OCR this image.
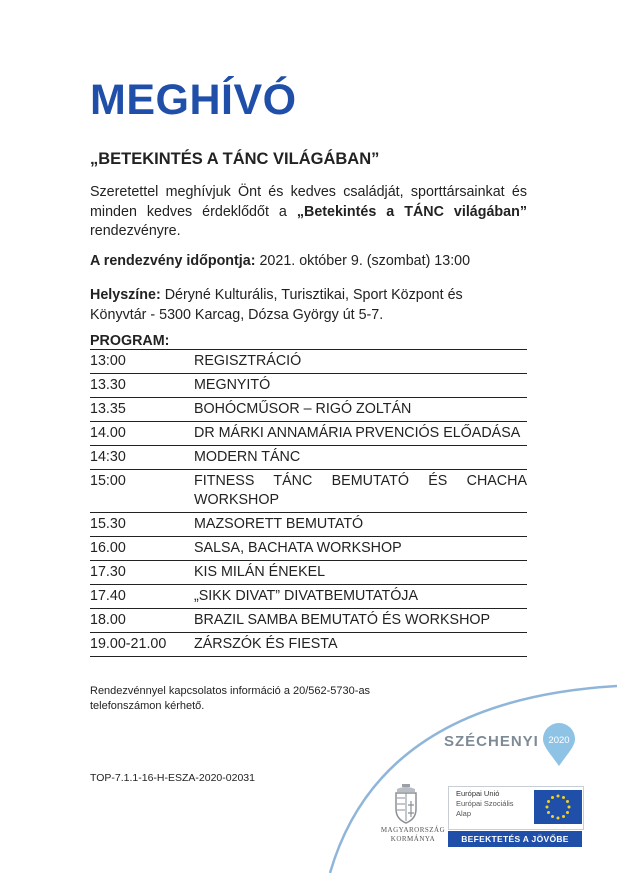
MEGHÍVÓ
„BETEKINTÉS A TÁNC VILÁGÁBAN”

Szeretettel meghívjuk Önt és kedves családját, sporttársainkat és minden kedves érdeklődőt a „Betekintés a TÁNC világában” rendezvényre.

A rendezvény időpontja: 2021. október 9. (szombat) 13:00

Helyszíne: Déryné Kulturális, Turisztikai, Sport Központ és Könyvtár - 5300 Karcag, Dózsa György út 5-7.

PROGRAM:

13:00	REGISZTRÁCIÓ
13.30	MEGNYITÓ
13.35	BOHÓCMŰSOR – RIGÓ ZOLTÁN
14.00	DR MÁRKI ANNAMÁRIA PRVENCIÓS ELŐADÁSA
14:30	MODERN TÁNC
15:00	FITNESS TÁNC BEMUTATÓ ÉS CHACHA WORKSHOP
15.30	MAZSORETT BEMUTATÓ
16.00	SALSA, BACHATA WORKSHOP
17.30	KIS MILÁN ÉNEKEL
17.40	„SIKK DIVAT” DIVATBEMUTATÓJA
18.00	BRAZIL SAMBA BEMUTATÓ ÉS WORKSHOP
19.00-21.00	ZÁRSZÓK ÉS FIESTA

Rendezvénnyel kapcsolatos információ a 20/562-5730-as telefonszámon kérhető.

TOP-7.1.1-16-H-ESZA-2020-02031

SZÉCHENYI 2020

MAGYARORSZÁG
KORMÁNYA

Európai Unió
Európai Szociális
Alap

BEFEKTETÉS A JÖVŐBE
